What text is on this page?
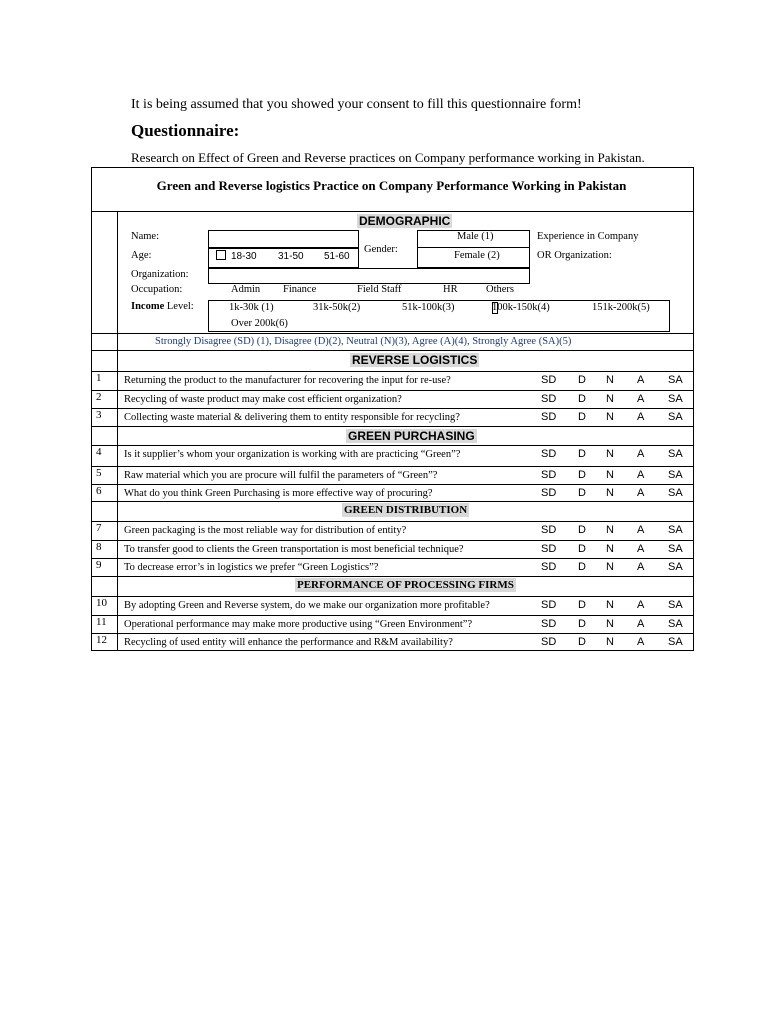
It is being assumed that you showed your consent to fill this questionnaire form!
Questionnaire:
Research on Effect of Green and Reverse practices on Company performance working in Pakistan.
Green and Reverse logistics Practice on Company Performance Working in Pakistan
DEMOGRAPHIC
Name:
Age:	18-30 31-50 51-60
Gender:
Male (1)
Female (2)
Experience in Company
OR Organization:
Organization:
Occupation:	Admin Finance	Field Staff	HR	Others
Income Level:	1k-30k (1)	31k-50k(2)	51k-100k(3)	100k-150k(4)	151k-200k(5)
Over 200k(6)
Strongly Disagree (SD) (1), Disagree (D)(2), Neutral (N)(3), Agree (A)(4), Strongly Agree (SA)(5)
REVERSE LOGISTICS
GREEN PURCHASING
GREEN DISTRIBUTION
PERFORMANCE OF PROCESSING FIRMS
1 Returning the product to the manufacturer for recovering the input for re-use?	SD D N A SA
2 Recycling of waste product may make cost efficient organization?	SD D N A SA
3 Collecting waste material & delivering them to entity responsible for recycling?	SD D N A SA
4 Is it supplier’s whom your organization is working with are practicing “Green”?	SD D N A SA
5 Raw material which you are procure will fulfil the parameters of “Green”?	SD D N A SA
6 What do you think Green Purchasing is more effective way of procuring?	SD D N A SA
7 Green packaging is the most reliable way for distribution of entity?	SD D N A SA
8 To transfer good to clients the Green transportation is most beneficial technique?	SD D N A SA
9 To decrease error’s in logistics we prefer “Green Logistics”?	SD D N A SA
10 By adopting Green and Reverse system, do we make our organization more profitable?	SD D N A SA
11 Operational performance may make more productive using “Green Environment”?	SD D N A SA
12 Recycling of used entity will enhance the performance and R&M availability?	SD D N A SA
